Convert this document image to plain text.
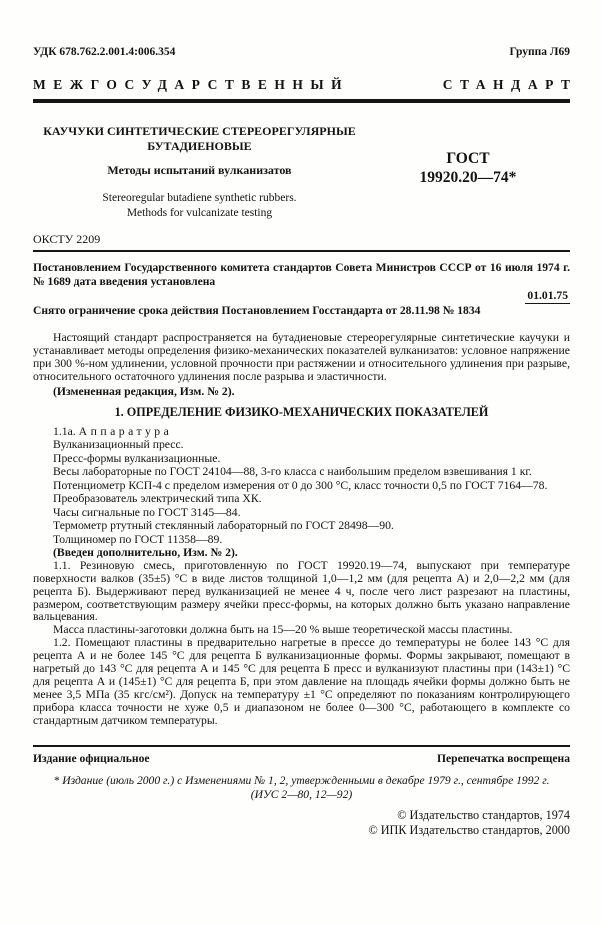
УДК 678.762.2.001.4:006.354	Группа Л69
МЕЖГОСУДАРСТВЕННЫЙ	СТАНДАРТ
КАУЧУКИ СИНТЕТИЧЕСКИЕ СТЕРЕОРЕГУЛЯРНЫЕ
БУТАДИЕНОВЫЕ
Методы испытаний вулканизатов
Stereoregular butadiene synthetic rubbers.
Methods for vulcanizate testing
ГОСТ
19920.20—74*
ОКСТУ 2209

Постановлением Государственного комитета стандартов Совета Министров СССР от 16 июля 1974 г. № 1689 дата введения установлена

01.01.75

Снято ограничение срока действия Постановлением Госстандарта от 28.11.98 № 1834

Настоящий стандарт распространяется на бутадиеновые стереорегулярные синтетические каучуки и устанавливает методы определения физико-механических показателей вулканизатов: условное напряжение при 300 %-ном удлинении, условной прочности при растяжении и относительного удлинения при разрыве, относительного остаточного удлинения после разрыва и эластичности.

(Измененная редакция, Изм. № 2).

1. ОПРЕДЕЛЕНИЕ ФИЗИКО-МЕХАНИЧЕСКИХ ПОКАЗАТЕЛЕЙ

1.1а. Аппаратура

Вулканизационный пресс.

Пресс-формы вулканизационные.

Весы лабораторные по ГОСТ 24104—88, 3-го класса с наибольшим пределом взвешивания 1 кг.

Потенциометр КСП-4 с пределом измерения от 0 до 300 °С, класс точности 0,5 по ГОСТ 7164—78.

Преобразователь электрический типа ХК.

Часы сигнальные по ГОСТ 3145—84.

Термометр ртутный стеклянный лабораторный по ГОСТ 28498—90.

Толщиномер по ГОСТ 11358—89.

(Введен дополнительно, Изм. № 2).

1.1. Резиновую смесь, приготовленную по ГОСТ 19920.19—74, выпускают при температуре поверхности валков (35±5) °С в виде листов толщиной 1,0—1,2 мм (для рецепта А) и 2,0—2,2 мм (для рецепта Б). Выдерживают перед вулканизацией не менее 4 ч, после чего лист разрезают на пластины, размером, соответствующим размеру ячейки пресс-формы, на которых должно быть указано направление вальцевания.

Масса пластины-заготовки должна быть на 15—20 % выше теоретической массы пластины.

1.2. Помещают пластины в предварительно нагретые в прессе до температуры не более 143 °С для рецепта А и не более 145 °С для рецепта Б вулканизационные формы. Формы закрывают, помещают в нагретый до 143 °С для рецепта А и 145 °С для рецепта Б пресс и вулканизуют пластины при (143±1) °С для рецепта А и (145±1) °С для рецепта Б, при этом давление на площадь ячейки формы должно быть не менее 3,5 МПа (35 кгс/см²). Допуск на температуру ±1 °С определяют по показаниям контролирующего прибора класса точности не хуже 0,5 и диапазоном не более 0—300 °С, работающего в комплекте со стандартным датчиком температуры.

Издание официальное	Перепечатка воспрещена
* Издание (июль 2000 г.) с Изменениями № 1, 2, утвержденными в декабре 1979 г., сентябре 1992 г.
(ИУС 2—80, 12—92)
© Издательство стандартов, 1974
© ИПК Издательство стандартов, 2000
